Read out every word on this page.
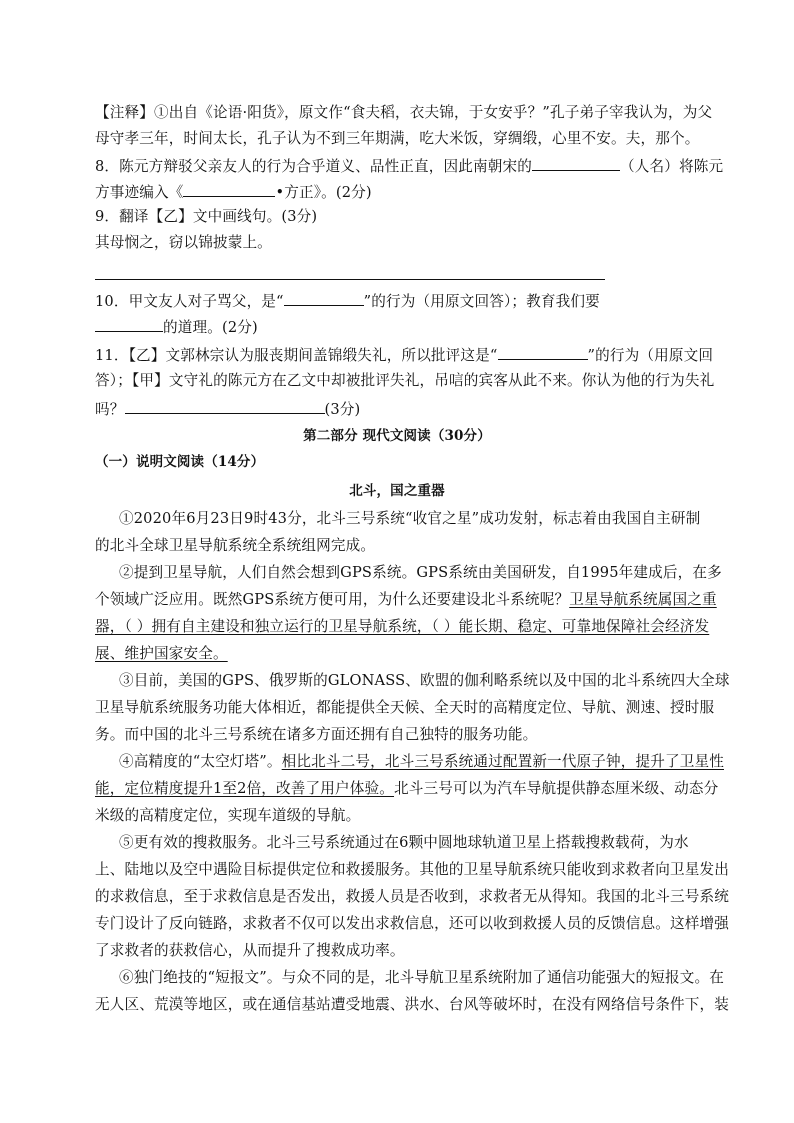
【注释】①出自《论语·阳货》，原文作“食夫稻，衣夫锦，于女安乎？”孔子弟子宰我认为，为父
母守孝三年，时间太长，孔子认为不到三年期满，吃大米饭，穿绸缎，心里不安。夫，那个。
8．陈元方辩驳父亲友人的行为合乎道义、品性正直，因此南朝宋的	（人名）将陈元
方事迹编入《	•方正》。(2分)
9．翻译【乙】文中画线句。(3分)
其母悯之，窃以锦披蒙上。
10．甲文友人对子骂父，是“	”的行为（用原文回答）；教育我们要
的道理。(2分)
11．【乙】文郭林宗认为服丧期间盖锦缎失礼，所以批评这是“	”的行为（用原文回
答）；【甲】文守礼的陈元方在乙文中却被批评失礼，吊唁的宾客从此不来。你认为他的行为失礼
吗？	(3分)
第二部分 现代文阅读（30分）
（一）说明文阅读（14分）
北斗，国之重器
①2020年6月23日9时43分，北斗三号系统“收官之星”成功发射，标志着由我国自主研制
的北斗全球卫星导航系统全系统组网完成。
②提到卫星导航，人们自然会想到GPS系统。GPS系统由美国研发，自1995年建成后，在多
个领域广泛应用。既然GPS系统方便可用，为什么还要建设北斗系统呢？卫星导航系统属国之重
器，（ ）拥有自主建设和独立运行的卫星导航系统，（ ）能长期、稳定、可靠地保障社会经济发
展、维护国家安全。
③目前，美国的GPS、俄罗斯的GLONASS、欧盟的伽利略系统以及中国的北斗系统四大全球
卫星导航系统服务功能大体相近，都能提供全天候、全天时的高精度定位、导航、测速、授时服
务。而中国的北斗三号系统在诸多方面还拥有自己独特的服务功能。
④高精度的“太空灯塔”。相比北斗二号，北斗三号系统通过配置新一代原子钟，提升了卫星性
能，定位精度提升1至2倍，改善了用户体验。北斗三号可以为汽车导航提供静态厘米级、动态分
米级的高精度定位，实现车道级的导航。
⑤更有效的搜救服务。北斗三号系统通过在6颗中圆地球轨道卫星上搭载搜救载荷，为水
上、陆地以及空中遇险目标提供定位和救援服务。其他的卫星导航系统只能收到求救者向卫星发出
的求救信息，至于求救信息是否发出，救援人员是否收到，求救者无从得知。我国的北斗三号系统
专门设计了反向链路，求救者不仅可以发出求救信息，还可以收到救援人员的反馈信息。这样增强
了求救者的获救信心，从而提升了搜救成功率。
⑥独门绝技的“短报文”。与众不同的是，北斗导航卫星系统附加了通信功能强大的短报文。在
无人区、荒漠等地区，或在通信基站遭受地震、洪水、台风等破坏时，在没有网络信号条件下，装
